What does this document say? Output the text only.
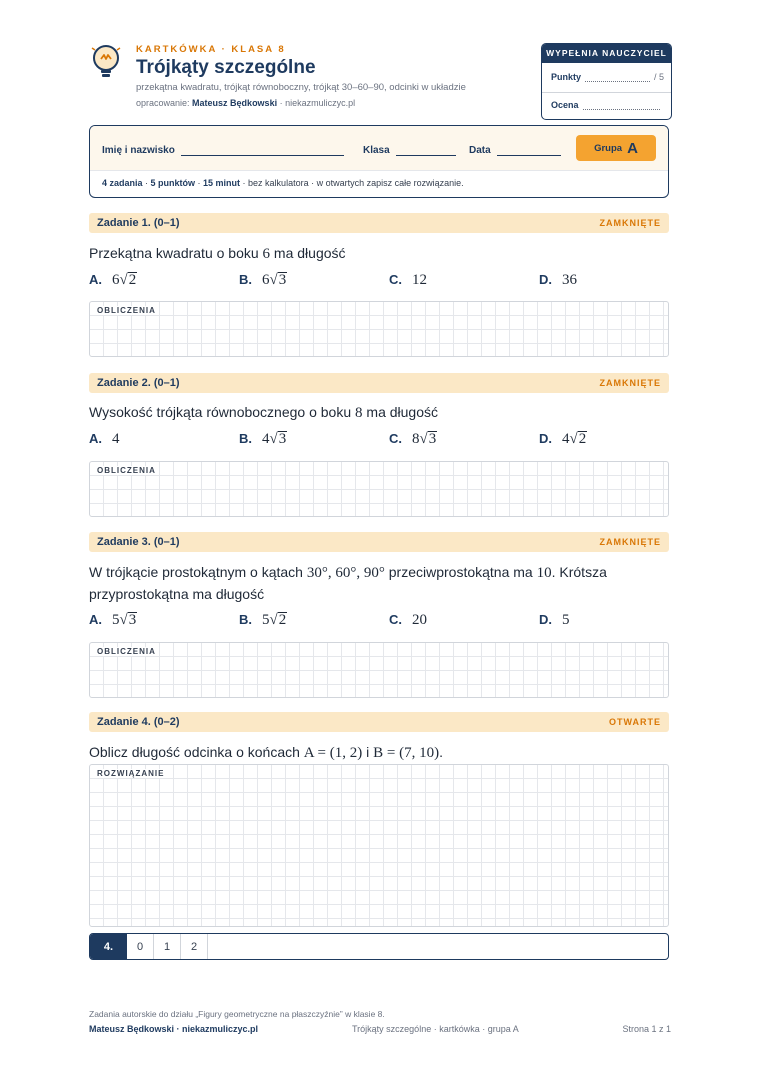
KARTKÓWKA · KLASA 8
Trójkąty szczególne
przekątna kwadratu, trójkąt równoboczny, trójkąt 30–60–90, odcinki w układzie
opracowanie: Mateusz Będkowski · niekazmuliczyc.pl
WYPEŁNIA NAUCZYCIEL
Punkty	/ 5
Ocena
Imię i nazwisko	Klasa	Data	Grupa A
4 zadania · 5 punktów · 15 minut · bez kalkulatora · w otwartych zapisz całe rozwiązanie.
Zadanie 1. (0–1)	ZAMKNIĘTE
Przekątna kwadratu o boku 6 ma długość
A. 6√2	B. 6√3	C. 12	D. 36
OBLICZENIA
Zadanie 2. (0–1)	ZAMKNIĘTE
Wysokość trójkąta równobocznego o boku 8 ma długość
A. 4	B. 4√3	C. 8√3	D. 4√2
OBLICZENIA
Zadanie 3. (0–1)	ZAMKNIĘTE
W trójkącie prostokątnym o kątach 30°, 60°, 90° przeciwprostokątna ma 10. Krótsza
przyprostokątna ma długość
A. 5√3	B. 5√2	C. 20	D. 5
OBLICZENIA
Zadanie 4. (0–2)	OTWARTE
Oblicz długość odcinka o końcach A = (1, 2) i B = (7, 10).
ROZWIĄZANIE
4.	0	1	2
Zadania autorskie do działu „Figury geometryczne na płaszczyźnie” w klasie 8.
Mateusz Będkowski · niekazmuliczyc.pl	Trójkąty szczególne · kartkówka · grupa A	Strona 1 z 1
